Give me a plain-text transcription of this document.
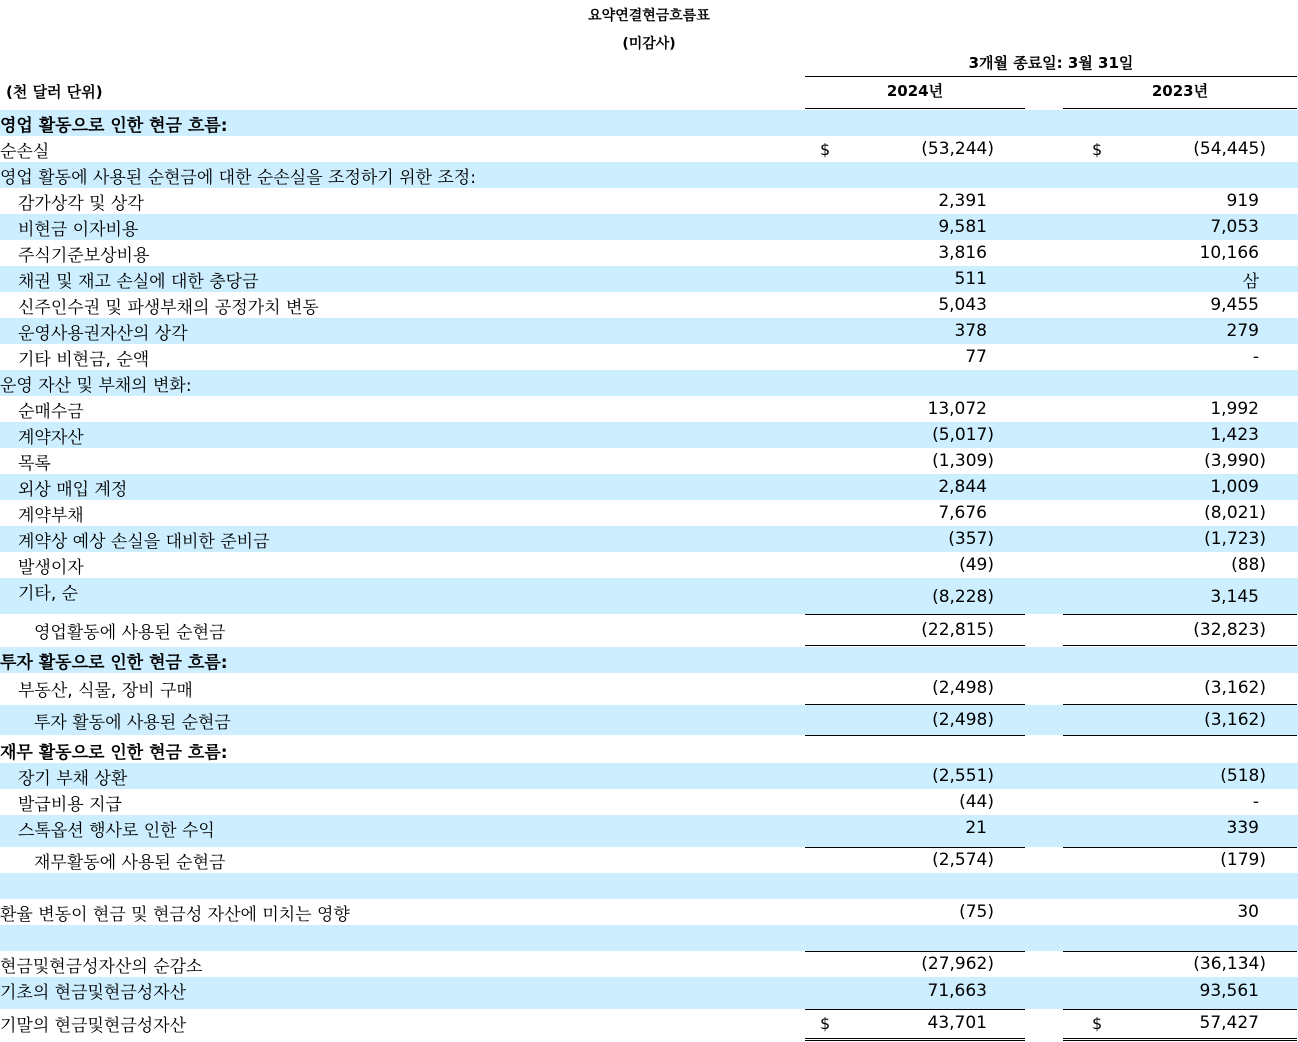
요약연결현금흐름표
(미감사)
3개월 종료일: 3월 31일
(천 달러 단위)	2024년	2023년
영업 활동으로 인한 현금 흐름:
순손실	$	(53,244)	$	(54,445)
영업 활동에 사용된 순현금에 대한 순손실을 조정하기 위한 조정:
감가상각 및 상각	2,391	919
비현금 이자비용	9,581	7,053
주식기준보상비용	3,816	10,166
채권 및 재고 손실에 대한 충당금	511	삼
신주인수권 및 파생부채의 공정가치 변동	5,043	9,455
운영사용권자산의 상각	378	279
기타 비현금, 순액	77	-
운영 자산 및 부채의 변화:
순매수금	13,072	1,992
계약자산	(5,017)	1,423
목록	(1,309)	(3,990)
외상 매입 계정	2,844	1,009
계약부채	7,676	(8,021)
계약상 예상 손실을 대비한 준비금	(357)	(1,723)
발생이자	(49)	(88)
기타, 순	(8,228)	3,145
영업활동에 사용된 순현금	(22,815)	(32,823)
투자 활동으로 인한 현금 흐름:
부동산, 식물, 장비 구매	(2,498)	(3,162)
투자 활동에 사용된 순현금	(2,498)	(3,162)
재무 활동으로 인한 현금 흐름:
장기 부채 상환	(2,551)	(518)
발급비용 지급	(44)	-
스톡옵션 행사로 인한 수익	21	339
재무활동에 사용된 순현금	(2,574)	(179)
환율 변동이 현금 및 현금성 자산에 미치는 영향	(75)	30
현금및현금성자산의 순감소	(27,962)	(36,134)
기초의 현금및현금성자산	71,663	93,561
기말의 현금및현금성자산	$	43,701	$	57,427
